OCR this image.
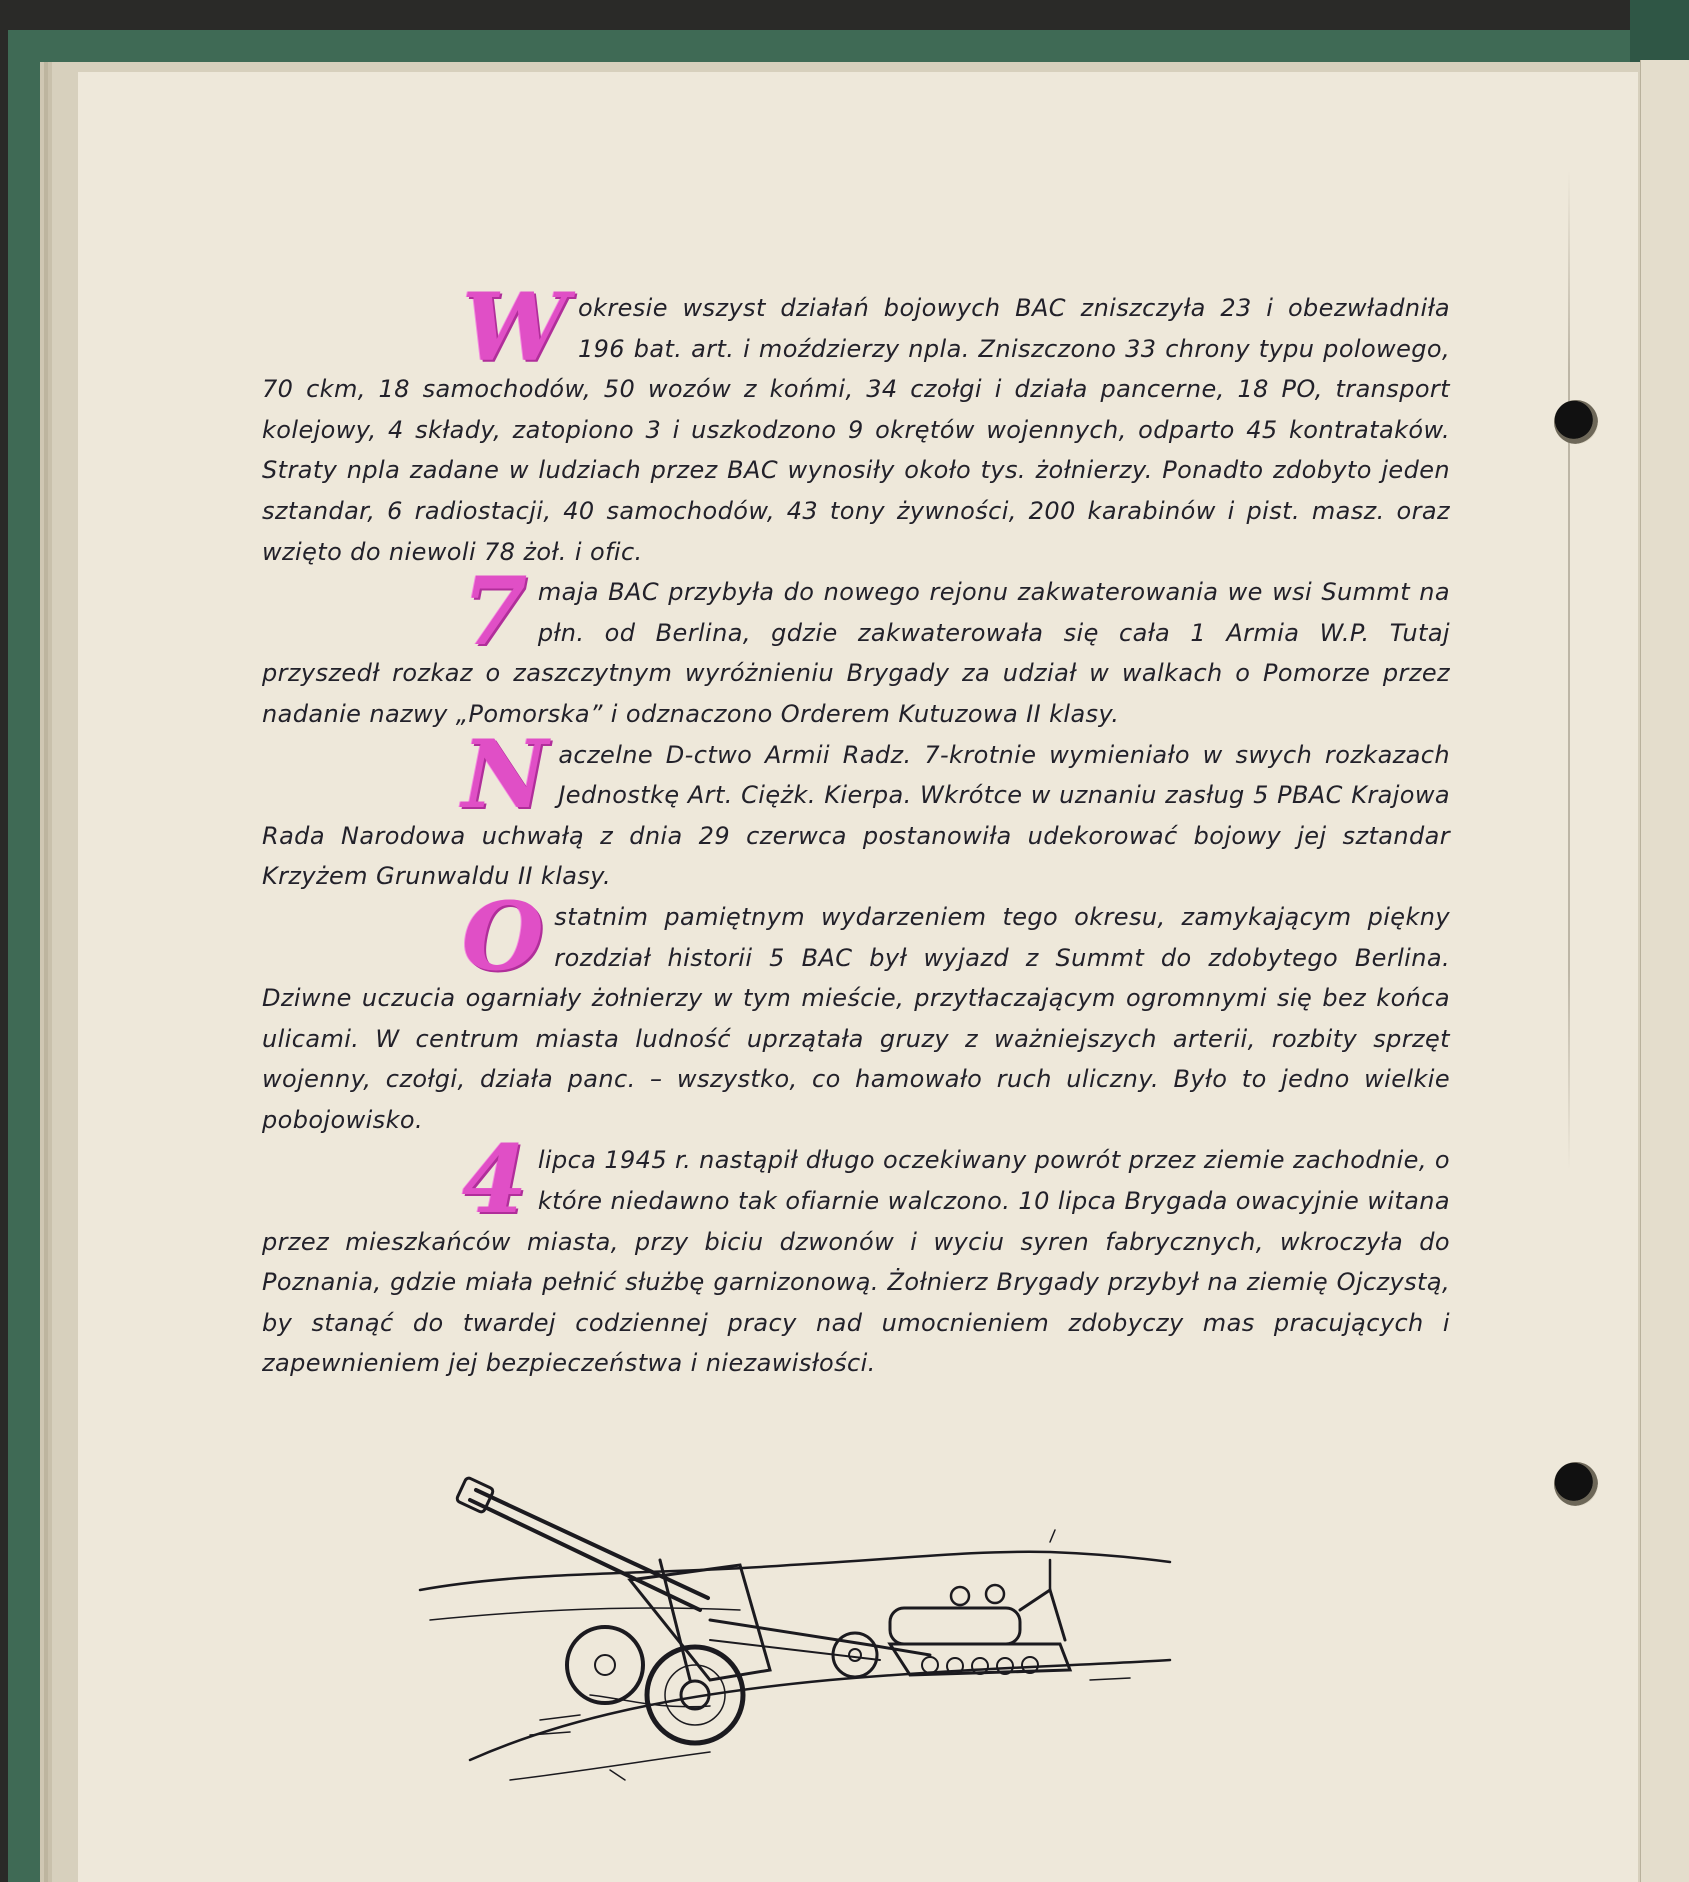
W okresie wszyst działań bojowych BAC zniszczyła 23 i obezwładniła 196 bat. art. i moździerzy npla. Zniszczono 33 chrony typu polowego, 70 ckm, 18 samochodów, 50 wozów z końmi, 34 czołgi i działa pancerne, 18 PO, transport kolejowy, 4 składy, zatopiono 3 i uszkodzono 9 okrętów wojennych, odparto 45 kontrataków. Straty npla zadane w ludziach przez BAC wynosiły około tys. żołnierzy. Ponadto zdobyto jeden sztandar, 6 radiostacji, 40 samochodów, 43 tony żywności, 200 karabinów i pist. masz. oraz wzięto do niewoli 78 żoł. i ofic.

7 maja BAC przybyła do nowego rejonu zakwaterowania we wsi Summt na płn. od Berlina, gdzie zakwaterowała się cała 1 Armia W.P. Tutaj przyszedł rozkaz o zaszczytnym wyróżnieniu Brygady za udział w walkach o Pomorze przez nadanie nazwy „Pomorska” i odznaczono Orderem Kutuzowa II klasy.

N aczelne D-ctwo Armii Radz. 7-krotnie wymieniało w swych rozkazach Jednostkę Art. Ciężk. Kierpa. Wkrótce w uznaniu zasług 5 PBAC Krajowa Rada Narodowa uchwałą z dnia 29 czerwca postanowiła udekorować bojowy jej sztandar Krzyżem Grunwaldu II klasy.

O statnim pamiętnym wydarzeniem tego okresu, zamykającym piękny rozdział historii 5 BAC był wyjazd z Summt do zdobytego Berlina. Dziwne uczucia ogarniały żołnierzy w tym mieście, przytłaczającym ogromnymi się bez końca ulicami. W centrum miasta ludność uprzątała gruzy z ważniejszych arterii, rozbity sprzęt wojenny, czołgi, działa panc. – wszystko, co hamowało ruch uliczny. Było to jedno wielkie pobojowisko.

4 lipca 1945 r. nastąpił długo oczekiwany powrót przez ziemie zachodnie, o które niedawno tak ofiarnie walczono. 10 lipca Brygada owacyjnie witana przez mieszkańców miasta, przy biciu dzwonów i wyciu syren fabrycznych, wkroczyła do Poznania, gdzie miała pełnić służbę garnizonową. Żołnierz Brygady przybył na ziemię Ojczystą, by stanąć do twardej codziennej pracy nad umocnieniem zdobyczy mas pracujących i zapewnieniem jej bezpieczeństwa i niezawisłości.
